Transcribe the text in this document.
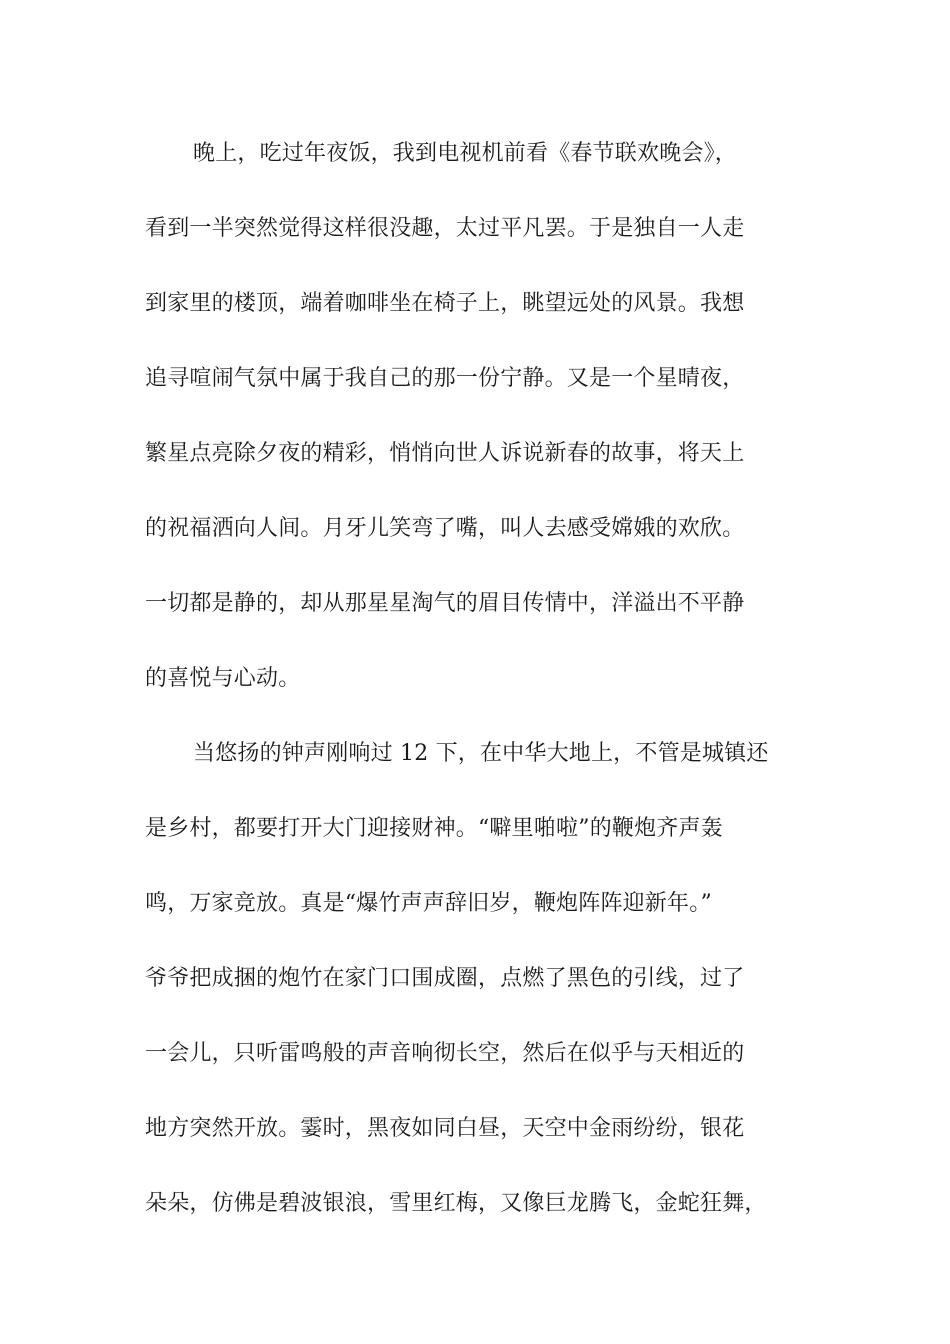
晚上，吃过年夜饭，我到电视机前看《春节联欢晚会》，
看到一半突然觉得这样很没趣，太过平凡罢。于是独自一人走
到家里的楼顶，端着咖啡坐在椅子上，眺望远处的风景。我想
追寻喧闹气氛中属于我自己的那一份宁静。又是一个星晴夜，
繁星点亮除夕夜的精彩，悄悄向世人诉说新春的故事，将天上
的祝福洒向人间。月牙儿笑弯了嘴，叫人去感受嫦娥的欢欣。
一切都是静的，却从那星星淘气的眉目传情中，洋溢出不平静
的喜悦与心动。
当悠扬的钟声刚响过 12 下，在中华大地上，不管是城镇还
是乡村，都要打开大门迎接财神。“噼里啪啦”的鞭炮齐声轰
鸣，万家竞放。真是“爆竹声声辞旧岁，鞭炮阵阵迎新年。”
爷爷把成捆的炮竹在家门口围成圈，点燃了黑色的引线，过了
一会儿，只听雷鸣般的声音响彻长空，然后在似乎与天相近的
地方突然开放。霎时，黑夜如同白昼，天空中金雨纷纷，银花
朵朵，仿佛是碧波银浪，雪里红梅，又像巨龙腾飞，金蛇狂舞，
